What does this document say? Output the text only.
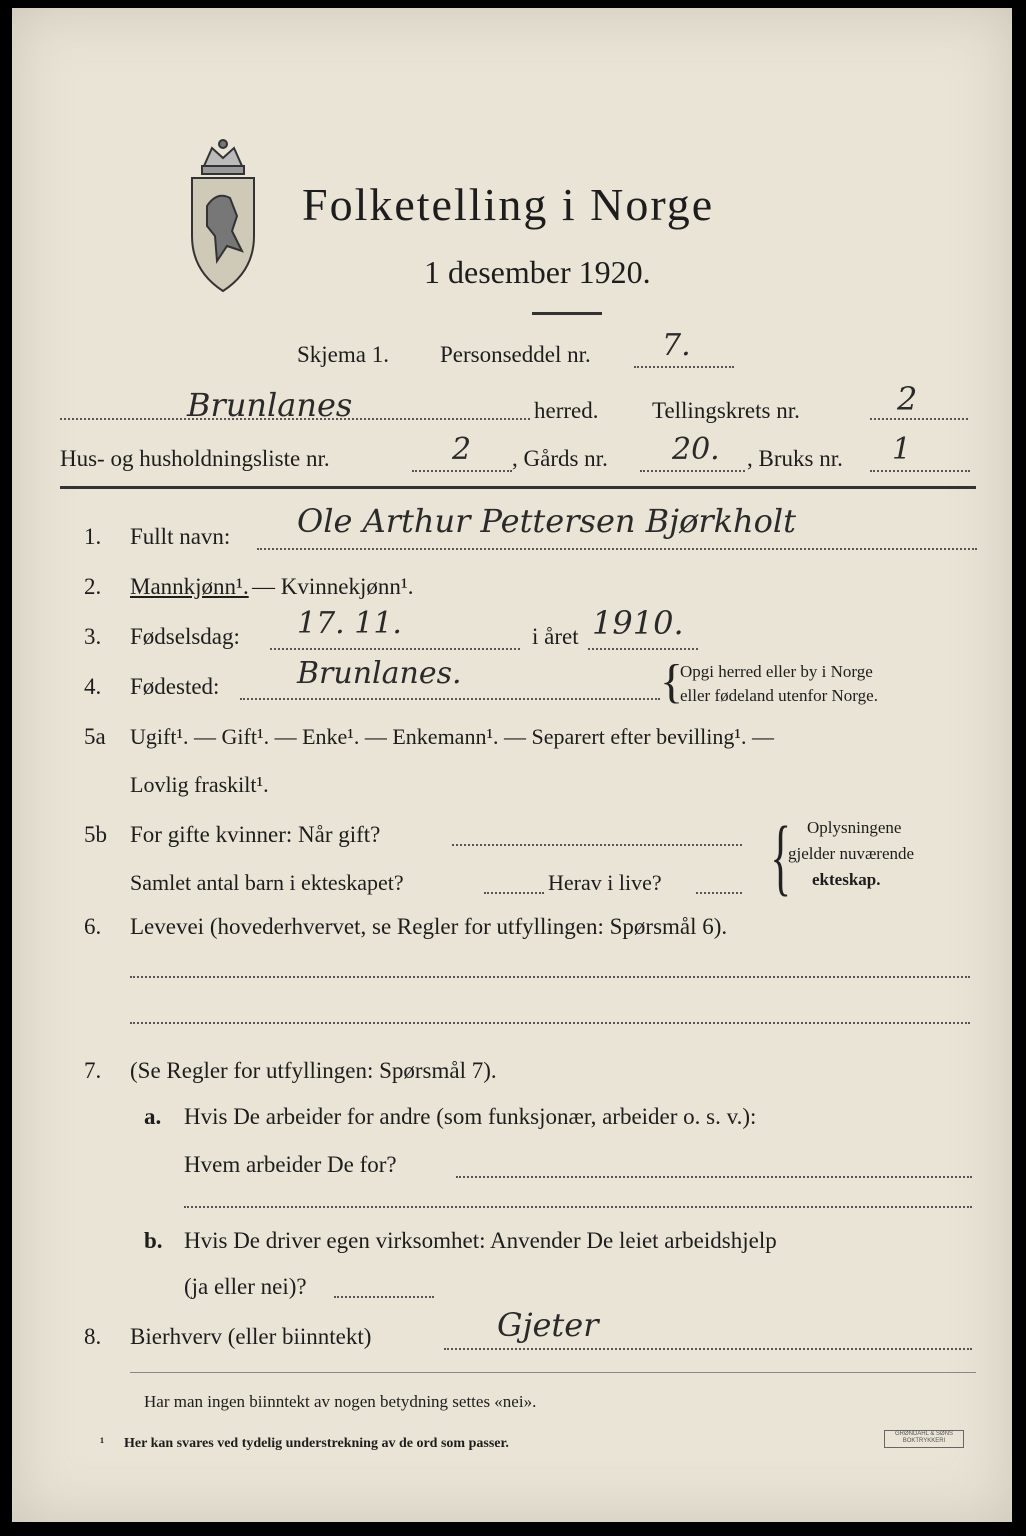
Folketelling i Norge
1 desember 1920.
Skjema 1. Personseddel nr. 7.
Brunlanes	herred. Tellingskrets nr.	2
Hus- og husholdningsliste nr.	2 , Gårds nr. 20. , Bruks nr. 1
1. Fullt navn: Ole Arthur Pettersen Bjørkholt
2. Mannkjønn¹. — Kvinnekjønn¹.
3. Fødselsdag: 17. 11.	i året 1910.
4. Fødested:	Brunlanes.	{
Opgi herred eller by i Norge
eller fødeland utenfor Norge.
5a Ugift¹. — Gift¹. — Enke¹. — Enkemann¹. — Separert efter bevilling¹. —
Lovlig fraskilt¹.
5b For gifte kvinner: Når gift?
Samlet antal barn i ekteskapet?	Herav i live? { Oplysningene
gjelder nuværende
ekteskap.
6. Levevei (hovederhvervet, se Regler for utfyllingen: Spørsmål 6).
7. (Se Regler for utfyllingen: Spørsmål 7).
a. Hvis De arbeider for andre (som funksjonær, arbeider o. s. v.):
Hvem arbeider De for?
b. Hvis De driver egen virksomhet: Anvender De leiet arbeidshjelp
(ja eller nei)?
8. Bierhverv (eller biinntekt)	Gjeter
Har man ingen biinntekt av nogen betydning settes «nei».
¹ Her kan svares ved tydelig understrekning av de ord som passer.
GRØNDAHL & SØNS BOKTRYKKERI
